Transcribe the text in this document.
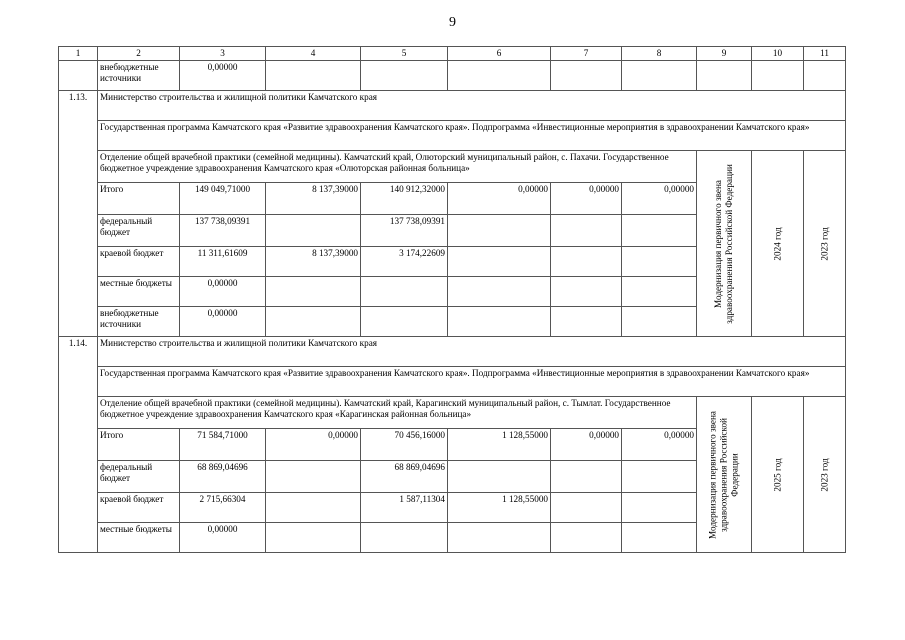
9
1	2	3	4	5	6	7	8	9	10	11
	внебюджетные источники	0,00000								
1.13.	Министерство строительства и жилищной политики Камчатского края									
	Государственная программа Камчатского края «Развитие здравоохранения Камчатского края». Подпрограмма «Инвестиционные мероприятия в здравоохранении Камчатского края»									
	Отделение общей врачебной практики (семейной медицины). Камчатский край, Олюторский муниципальный район, с. Пахачи. Государственное бюджетное учреждение здравоохранения Камчатского края «Олюторская районная больница»							Модернизация первичного звена здравоохранения Российской Федерации	2024 год	2023 год

	Итого	149 049,71000	8 137,39000	140 912,32000	0,00000	0,00000	0,00000			
	федеральный бюджет	137 738,09391		137 738,09391						
	краевой бюджет	11 311,61609	8 137,39000	3 174,22609						
	местные бюджеты	0,00000								
	внебюджетные источники	0,00000								
1.14.	Министерство строительства и жилищной политики Камчатского края									
	Государственная программа Камчатского края «Развитие здравоохранения Камчатского края». Подпрограмма «Инвестиционные мероприятия в здравоохранении Камчатского края»									
	Отделение общей врачебной практики (семейной медицины). Камчатский край, Карагинский муниципальный район, с. Тымлат. Государственное бюджетное учреждение здравоохранения Камчатского края «Карагинская районная больница»							Модернизация первичного звена здравоохранения Российской Федерации	2025 год	2023 год

	Итого	71 584,71000	0,00000	70 456,16000	1 128,55000	0,00000	0,00000			
	федеральный бюджет	68 869,04696		68 869,04696						
	краевой бюджет	2 715,66304		1 587,11304	1 128,55000					
	местные бюджеты	0,00000								
